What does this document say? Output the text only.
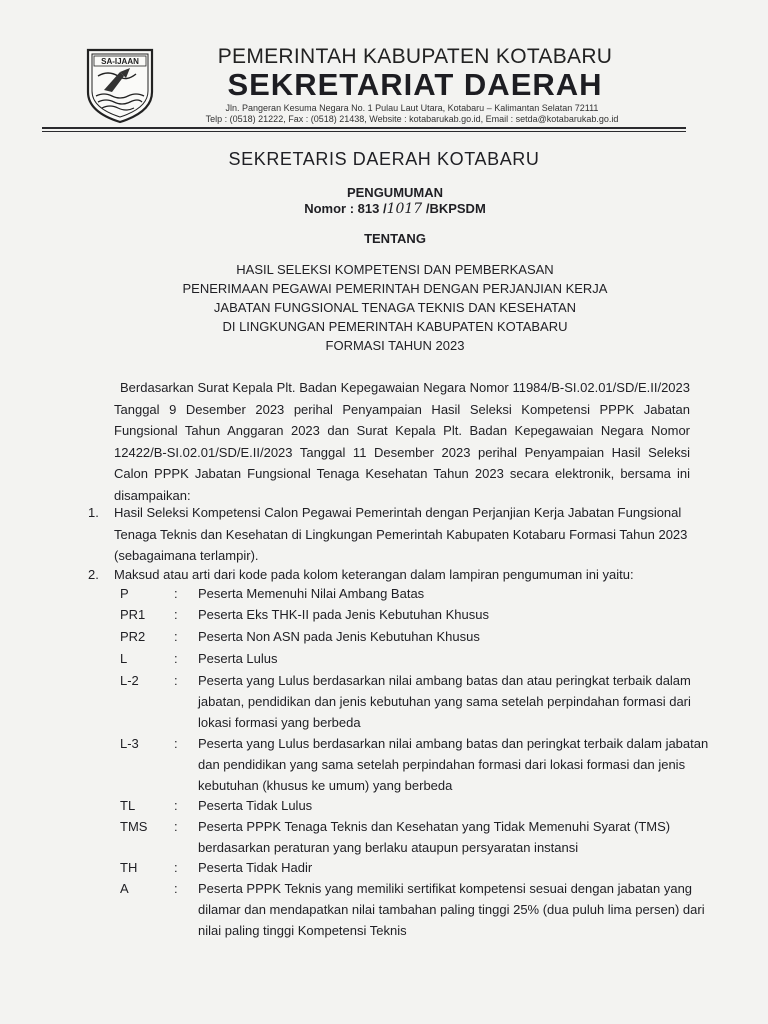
SA-IJAAN	PEMERINTAH KABUPATEN KOTABARU
SEKRETARIAT DAERAH
Jln. Pangeran Kesuma Negara No. 1 Pulau Laut Utara, Kotabaru – Kalimantan Selatan 72111
Telp : (0518) 21222, Fax : (0518) 21438, Website : kotabarukab.go.id, Email : setda@kotabarukab.go.id
SEKRETARIS DAERAH KOTABARU
PENGUMUMAN
Nomor : 813 /1017 /BKPSDM
TENTANG
HASIL SELEKSI KOMPETENSI DAN PEMBERKASAN
PENERIMAAN PEGAWAI PEMERINTAH DENGAN PERJANJIAN KERJA
JABATAN FUNGSIONAL TENAGA TEKNIS DAN KESEHATAN
DI LINGKUNGAN PEMERINTAH KABUPATEN KOTABARU
FORMASI TAHUN 2023
Berdasarkan Surat Kepala Plt. Badan Kepegawaian Negara Nomor 11984/B-SI.02.01/SD/E.II/2023 Tanggal 9 Desember 2023 perihal Penyampaian Hasil Seleksi Kompetensi PPPK Jabatan Fungsional Tahun Anggaran 2023 dan Surat Kepala Plt. Badan Kepegawaian Negara Nomor 12422/B-SI.02.01/SD/E.II/2023 Tanggal 11 Desember 2023 perihal Penyampaian Hasil Seleksi Calon PPPK Jabatan Fungsional Tenaga Kesehatan Tahun 2023 secara elektronik, bersama ini disampaikan:
1.	Hasil Seleksi Kompetensi Calon Pegawai Pemerintah dengan Perjanjian Kerja Jabatan Fungsional Tenaga Teknis dan Kesehatan di Lingkungan Pemerintah Kabupaten Kotabaru Formasi Tahun 2023 (sebagaimana terlampir).
2.	Maksud atau arti dari kode pada kolom keterangan dalam lampiran pengumuman ini yaitu:
P	:	Peserta Memenuhi Nilai Ambang Batas
PR1	:	Peserta Eks THK-II pada Jenis Kebutuhan Khusus
PR2	:	Peserta Non ASN pada Jenis Kebutuhan Khusus
L	:	Peserta Lulus
L-2	:	Peserta yang Lulus berdasarkan nilai ambang batas dan atau peringkat terbaik dalam jabatan, pendidikan dan jenis kebutuhan yang sama setelah perpindahan formasi dari lokasi formasi yang berbeda
L-3	:	Peserta yang Lulus berdasarkan nilai ambang batas dan peringkat terbaik dalam jabatan dan pendidikan yang sama setelah perpindahan formasi dari lokasi formasi dan jenis kebutuhan (khusus ke umum) yang berbeda
TL	:	Peserta Tidak Lulus
TMS	:	Peserta PPPK Tenaga Teknis dan Kesehatan yang Tidak Memenuhi Syarat (TMS) berdasarkan peraturan yang berlaku ataupun persyaratan instansi
TH	:	Peserta Tidak Hadir
A	:	Peserta PPPK Teknis yang memiliki sertifikat kompetensi sesuai dengan jabatan yang dilamar dan mendapatkan nilai tambahan paling tinggi 25% (dua puluh lima persen) dari nilai paling tinggi Kompetensi Teknis
